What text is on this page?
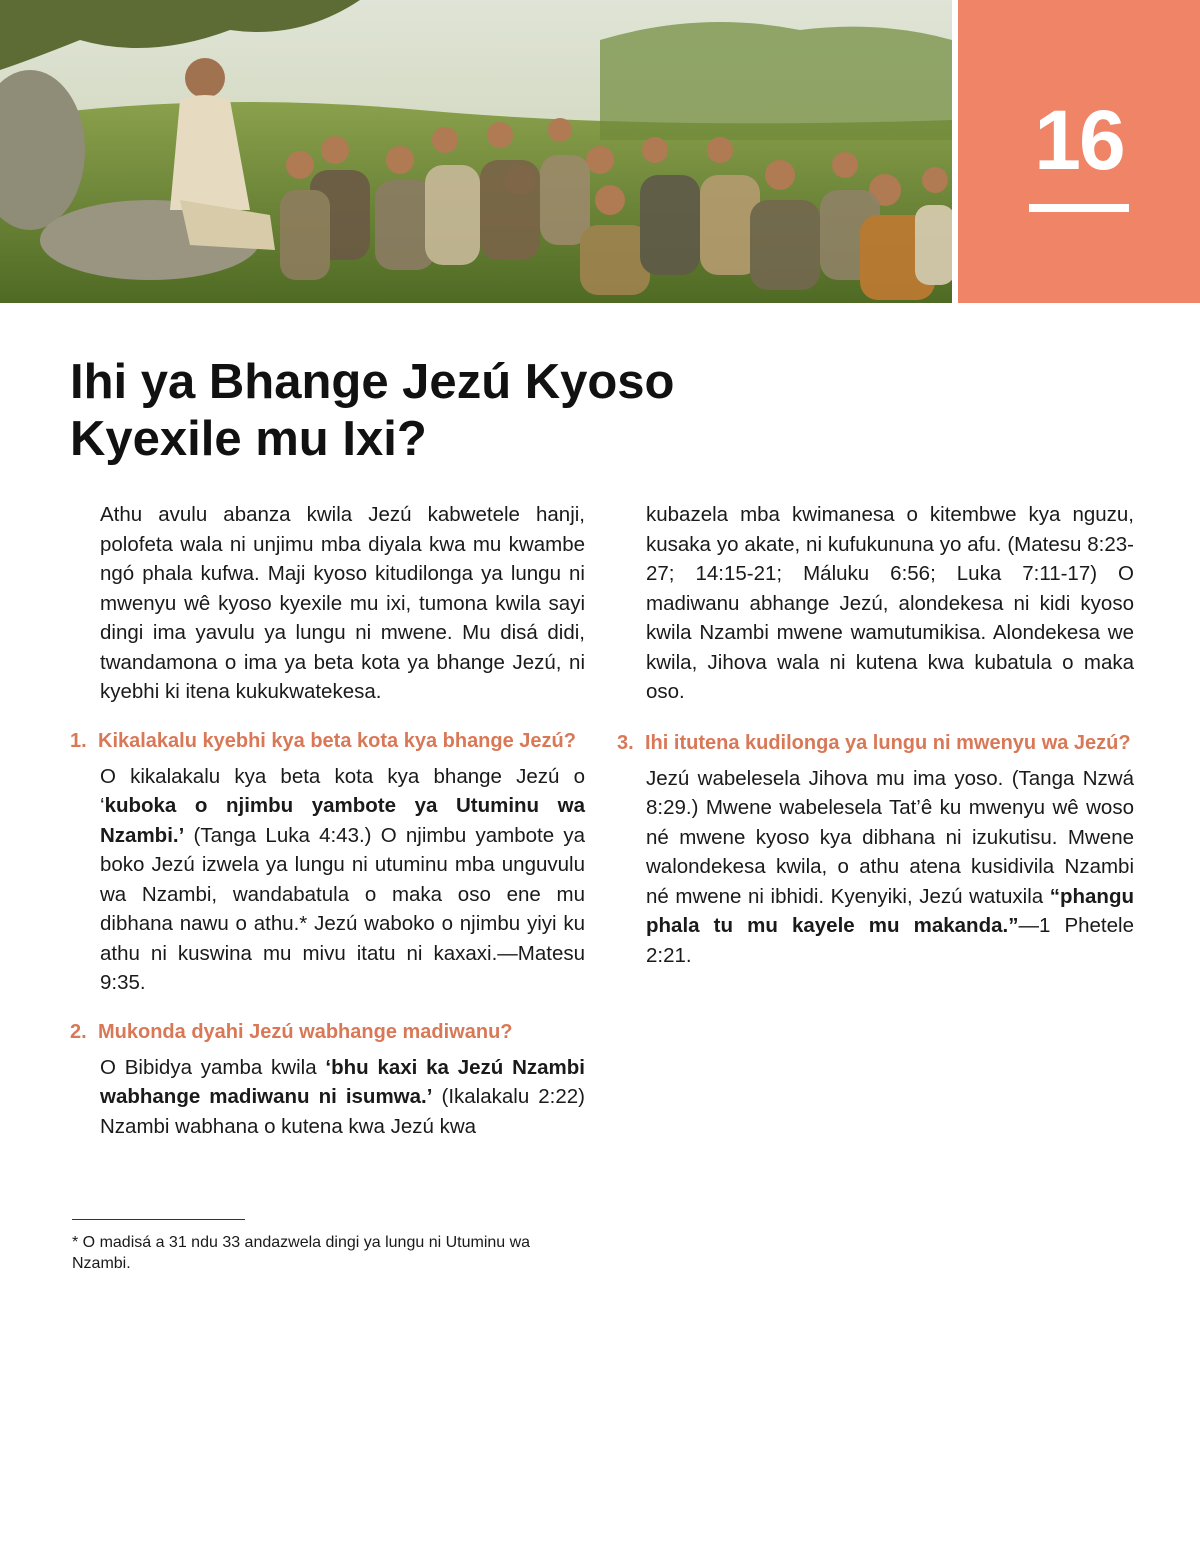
16
Ihi ya Bhange Jezú Kyoso
Kyexile mu Ixi?

Athu avulu abanza kwila Jezú kabwetele hanji, polofeta wala ni unjimu mba diyala kwa mu kwambe ngó phala kufwa. Maji kyoso kitudilonga ya lungu ni mwenyu wê kyoso kyexile mu ixi, tumona kwila sayi dingi ima yavulu ya lungu ni mwene. Mu disá didi, twandamona o ima ya beta kota ya bhange Jezú, ni kyebhi ki itena kukukwatekesa.

1. Kikalakalu kyebhi kya beta kota kya bhange Jezú?

O kikalakalu kya beta kota kya bhange Jezú o ‘kuboka o njimbu yambote ya Utuminu wa Nzambi.’ (Tanga Luka 4:43.) O njimbu yambote ya boko Jezú izwela ya lungu ni utuminu mba unguvulu wa Nzambi, wandabatula o maka oso ene mu dibhana nawu o athu.* Jezú waboko o njimbu yiyi ku athu ni kuswina mu mivu itatu ni kaxaxi.—Matesu 9:35.

2. Mukonda dyahi Jezú wabhange madiwanu?

O Bibidya yamba kwila ‘bhu kaxi ka Jezú Nzambi wabhange madiwanu ni isumwa.’ (Ikalakalu 2:22) Nzambi wabhana o kutena kwa Jezú kwa

kubazela mba kwimanesa o kitembwe kya nguzu, kusaka yo akate, ni kufukununa yo afu. (Matesu 8:23-27; 14:15-21; Máluku 6:56; Luka 7:11-17) O madiwanu abhange Jezú, alondekesa ni kidi kyoso kwila Nzambi mwene wamutumikisa. Alondekesa we kwila, Jihova wala ni kutena kwa kubatula o maka oso.

3. Ihi itutena kudilonga ya lungu ni mwenyu wa Jezú?

Jezú wabelesela Jihova mu ima yoso. (Tanga Nzwá 8:29.) Mwene wabelesela Tat’ê ku mwenyu wê woso né mwene kyoso kya dibhana ni izukutisu. Mwene walondekesa kwila, o athu atena kusidivila Nzambi né mwene ni ibhidi. Kyenyiki, Jezú watuxila “phangu phala tu mu kayele mu makanda.”—1 Phetele 2:21.

* O madisá a 31 ndu 33 andazwela dingi ya lungu ni Utuminu wa Nzambi.
